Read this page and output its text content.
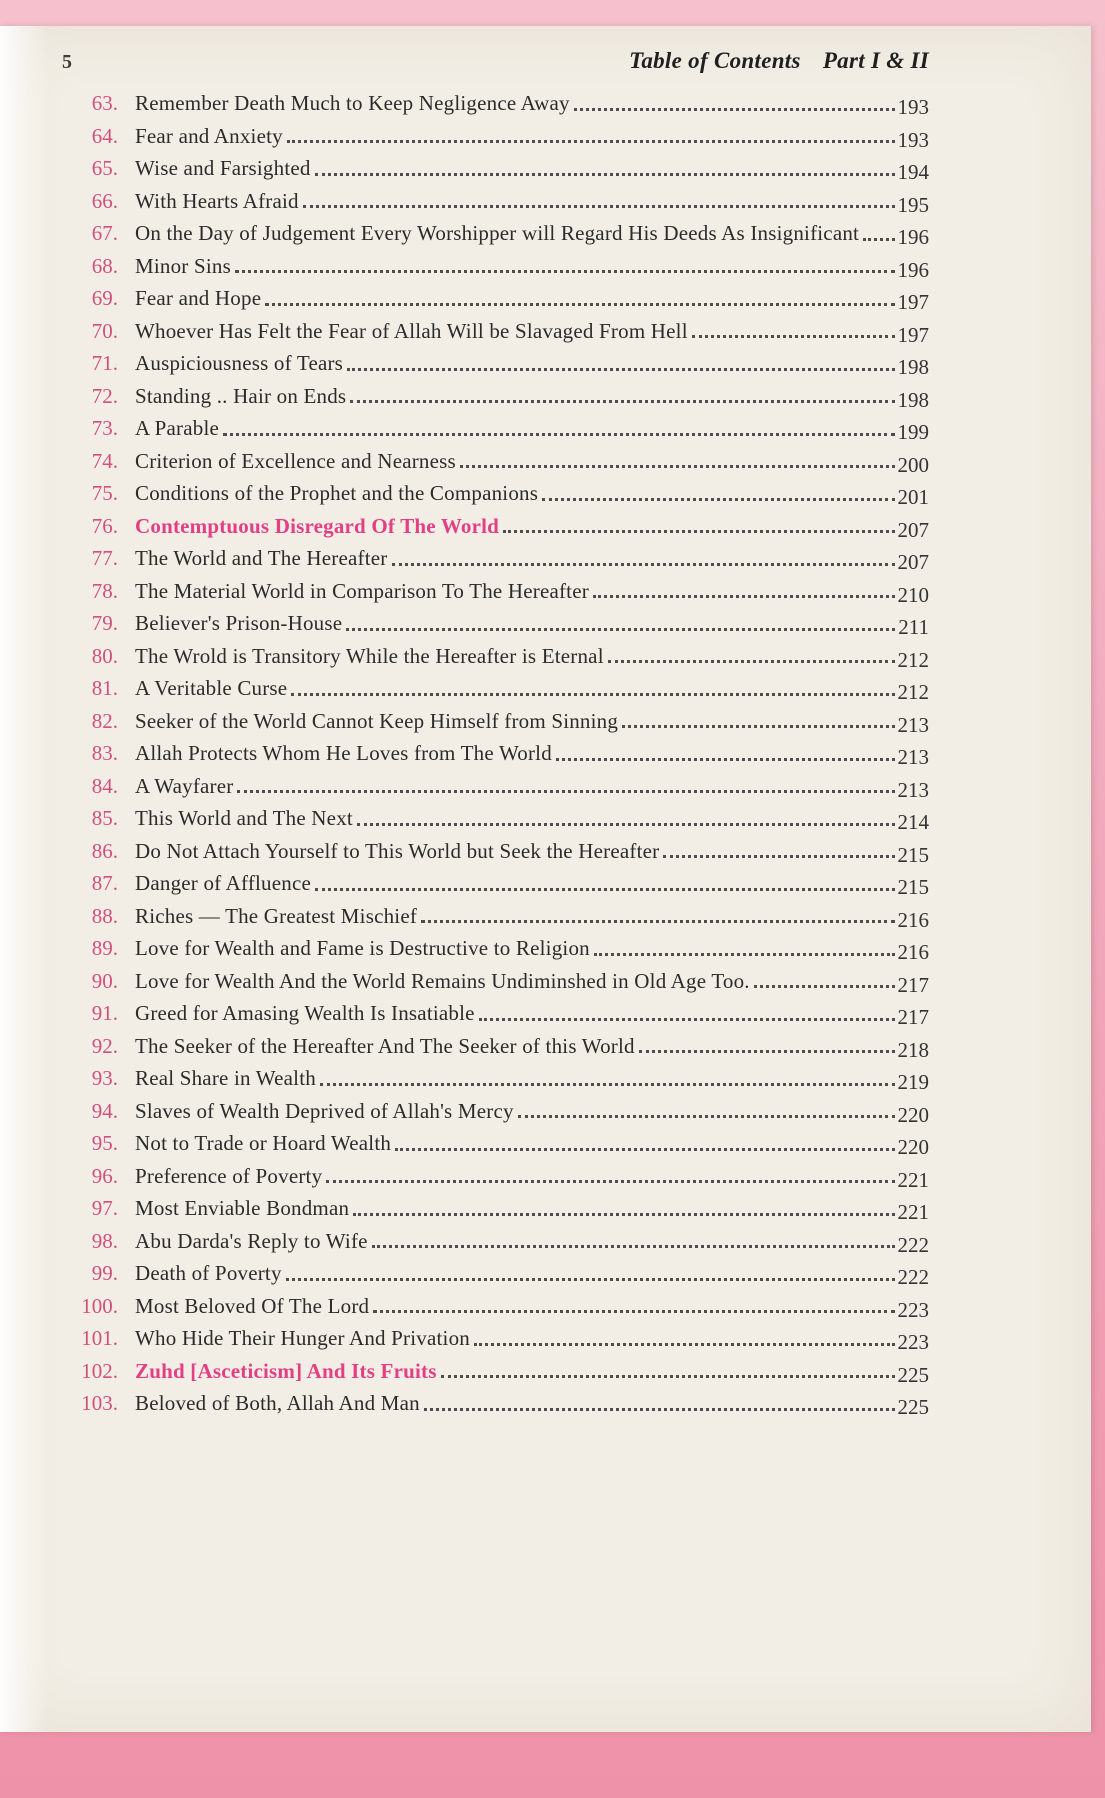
5	Table of Contents Part I & II
63. Remember Death Much to Keep Negligence Away	193
64. Fear and Anxiety	193
65. Wise and Farsighted	194
66. With Hearts Afraid	195
67. On the Day of Judgement Every Worshipper will Regard His Deeds As Insignificant 196
68. Minor Sins	196
69. Fear and Hope	197
70. Whoever Has Felt the Fear of Allah Will be Slavaged From Hell	197
71. Auspiciousness of Tears	198
72. Standing .. Hair on Ends	198
73. A Parable	199
74. Criterion of Excellence and Nearness	200
75. Conditions of the Prophet and the Companions	201
76. Contemptuous Disregard Of The World	207
77. The World and The Hereafter	207
78. The Material World in Comparison To The Hereafter	210
79. Believer's Prison-House	211
80. The Wrold is Transitory While the Hereafter is Eternal	212
81. A Veritable Curse	212
82. Seeker of the World Cannot Keep Himself from Sinning	213
83. Allah Protects Whom He Loves from The World	213
84. A Wayfarer	213
85. This World and The Next	214
86. Do Not Attach Yourself to This World but Seek the Hereafter	215
87. Danger of Affluence	215
88. Riches — The Greatest Mischief	216
89. Love for Wealth and Fame is Destructive to Religion	216
90. Love for Wealth And the World Remains Undiminshed in Old Age Too.	217
91. Greed for Amasing Wealth Is Insatiable	217
92. The Seeker of the Hereafter And The Seeker of this World	218
93. Real Share in Wealth	219
94. Slaves of Wealth Deprived of Allah's Mercy	220
95. Not to Trade or Hoard Wealth	220
96. Preference of Poverty	221
97. Most Enviable Bondman	221
98. Abu Darda's Reply to Wife	222
99. Death of Poverty	222
100. Most Beloved Of The Lord	223
101. Who Hide Their Hunger And Privation	223
102. Zuhd [Asceticism] And Its Fruits	225
103. Beloved of Both, Allah And Man	225
